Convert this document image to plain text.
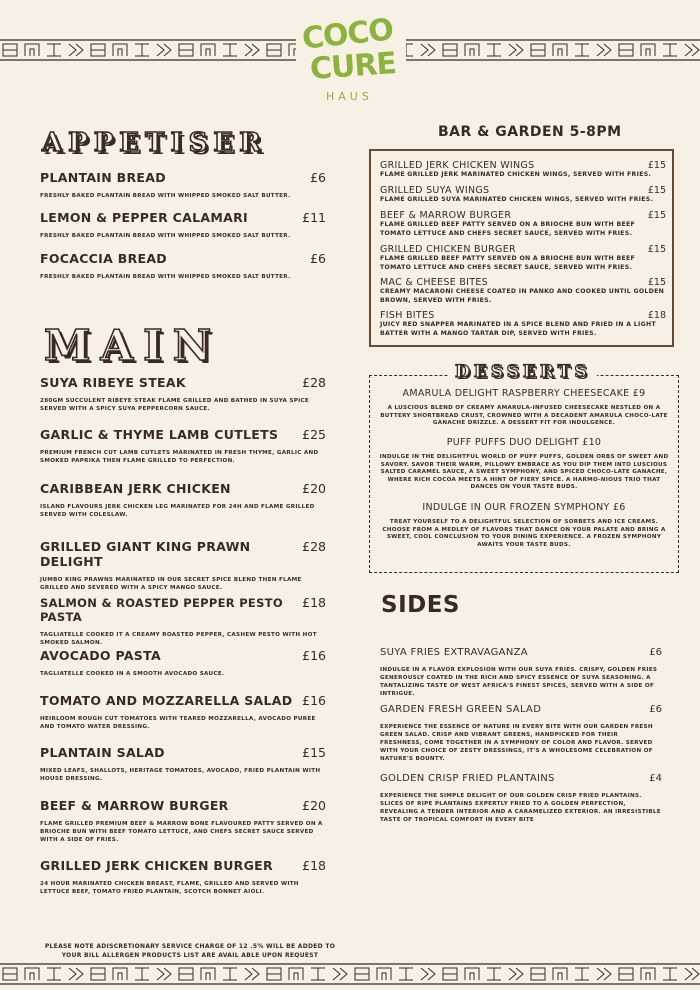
COCO
CURE
HAUS
APPETISER
PLANTAIN BREAD	£6
FRESHLY BAKED PLANTAIN BREAD WITH WHIPPED SMOKED SALT BUTTER.
LEMON & PEPPER CALAMARI	£11
FRESHLY BAKED PLANTAIN BREAD WITH WHIPPED SMOKED SALT BUTTER.
FOCACCIA BREAD	£6
FRESHLY BAKED PLANTAIN BREAD WITH WHIPPED SMOKED SALT BUTTER.
MAIN
SUYA RIBEYE STEAK	£28
280GM SUCCULENT RIBEYE STEAK FLAME GRILLED AND BATHED IN SUYA SPICE SERVED WITH A SPICY SUYA PEPPERCORN SAUCE.
GARLIC & THYME LAMB CUTLETS £25
PREMIUM FRENCH CUT LAMB CUTLETS MARINATED IN FRESH THYME, GARLIC AND SMOKED PAPRIKA THEN FLAME GRILLED TO PERFECTION.
CARIBBEAN JERK CHICKEN	£20
ISLAND FLAVOURS JERK CHICKEN LEG MARINATED FOR 24H AND FLAME GRILLED SERVED WITH COLESLAW.
GRILLED GIANT KING PRAWN DELIGHT
£28
JUMBO KING PRAWNS MARINATED IN OUR SECRET SPICE BLEND THEN FLAME GRILLED AND SEVERED WITH A SPICY MANGO SAUCE.
SALMON & ROASTED PEPPER PESTO PASTA
£18
TAGLIATELLE COOKED IT A CREAMY ROASTED PEPPER, CASHEW PESTO WITH HOT SMOKED SALMON.
AVOCADO PASTA	£16
TAGLIATELLE COOKED IN A SMOOTH AVOCADO SAUCE.
TOMATO AND MOZZARELLA SALAD £16
HEIRLOOM ROUGH CUT TOMATOES WITH TEARED MOZZARELLA, AVOCADO PUREE AND TOMATO WATER DRESSING.
PLANTAIN SALAD	£15
MIXED LEAFS, SHALLOTS, HERITAGE TOMATOES, AVOCADO, FRIED PLANTAIN WITH HOUSE DRESSING.
BEEF & MARROW BURGER	£20
FLAME GRILLED PREMIUM BEEF & MARROW BONE FLAVOURED PATTY SERVED ON A BRIOCHE BUN WITH BEEF TOMATO LETTUCE, AND CHEFS SECRET SAUCE SERVED WITH A SIDE OF FRIES.
GRILLED JERK CHICKEN BURGER £18
24 HOUR MARINATED CHICKEN BREAST, FLAME, GRILLED AND SERVED WITH LETTUCE BEEF, TOMATO FRIED PLANTAIN, SCOTCH BONNET AIOLI.
BAR & GARDEN 5-8PM
GRILLED JERK CHICKEN WINGS	£15
FLAME GRILLED JERK MARINATED CHICKEN WINGS, SERVED WITH FRIES.
GRILLED SUYA WINGS	£15
FLAME GRILLED SUYA MARINATED CHICKEN WINGS, SERVED WITH FRIES.
BEEF & MARROW BURGER	£15
FLAME GRILLED BEEF PATTY SERVED ON A BRIOCHE BUN WITH BEEF TOMATO LETTUCE AND CHEFS SECRET SAUCE, SERVED WITH FRIES.
GRILLED CHICKEN BURGER	£15
FLAME GRILLED BEEF PATTY SERVED ON A BRIOCHE BUN WITH BEEF TOMATO LETTUCE AND CHEFS SECRET SAUCE, SERVED WITH FRIES.
MAC & CHEESE BITES	£15
CREAMY MACARONI CHEESE COATED IN PANKO AND COOKED UNTIL GOLDEN BROWN, SERVED WITH FRIES.
FISH BITES	£18
JUICY RED SNAPPER MARINATED IN A SPICE BLEND AND FRIED IN A LIGHT BATTER WITH A MANGO TARTAR DIP, SERVED WITH FRIES.
DESSERTS
AMARULA DELIGHT RASPBERRY CHEESECAKE £9
A LUSCIOUS BLEND OF CREAMY AMARULA-INFUSED CHEESECAKE NESTLED ON A BUTTERY SHORTBREAD CRUST, CROWNED WITH A DECADENT AMARULA CHOCO-LATE GANACHE DRIZZLE. A DESSERT FIT FOR INDULGENCE.
PUFF PUFFS DUO DELIGHT £10
INDULGE IN THE DELIGHTFUL WORLD OF PUFF PUFFS, GOLDEN ORBS OF SWEET AND SAVORY. SAVOR THEIR WARM, PILLOWY EMBRACE AS YOU DIP THEM INTO LUSCIOUS SALTED CARAMEL SAUCE, A SWEET SYMPHONY, AND SPICED CHOCO-LATE GANACHE, WHERE RICH COCOA MEETS A HINT OF FIERY SPICE. A HARMO-NIOUS TRIO THAT DANCES ON YOUR TASTE BUDS.
INDULGE IN OUR FROZEN SYMPHONY £6
TREAT YOURSELF TO A DELIGHTFUL SELECTION OF SORBETS AND ICE CREAMS. CHOOSE FROM A MEDLEY OF FLAVORS THAT DANCE ON YOUR PALATE AND BRING A SWEET, COOL CONCLUSION TO YOUR DINING EXPERIENCE. A FROZEN SYMPHONY AWAITS YOUR TASTE BUDS.
SIDES
SUYA FRIES EXTRAVAGANZA	£6
INDULGE IN A FLAVOR EXPLOSION WITH OUR SUYA FRIES. CRISPY, GOLDEN FRIES GENEROUSLY COATED IN THE RICH AND SPICY ESSENCE OF SUYA SEASONING. A TANTALIZING TASTE OF WEST AFRICA'S FINEST SPICES, SERVED WITH A SIDE OF INTRIGUE.
GARDEN FRESH GREEN SALAD	£6
EXPERIENCE THE ESSENCE OF NATURE IN EVERY BITE WITH OUR GARDEN FRESH GREEN SALAD. CRISP AND VIBRANT GREENS, HANDPICKED FOR THEIR FRESHNESS, COME TOGETHER IN A SYMPHONY OF COLOR AND FLAVOR. SERVED WITH YOUR CHOICE OF ZESTY DRESSINGS, IT'S A WHOLESOME CELEBRATION OF NATURE'S BOUNTY.
GOLDEN CRISP FRIED PLANTAINS	£4
EXPERIENCE THE SIMPLE DELIGHT OF OUR GOLDEN CRISP FRIED PLANTAINS. SLICES OF RIPE PLANTAINS EXPERTLY FRIED TO A GOLDEN PERFECTION, REVEALING A TENDER INTERIOR AND A CARAMELIZED EXTERIOR. AN IRRESISTIBLE TASTE OF TROPICAL COMFORT IN EVERY BITE
PLEASE NOTE ADISCRETIONARY SERVICE CHARGE OF 12 .5% WILL BE ADDED TO YOUR BILL ALLERGEN PRODUCTS LIST ARE AVAIL ABLE UPON REQUEST
